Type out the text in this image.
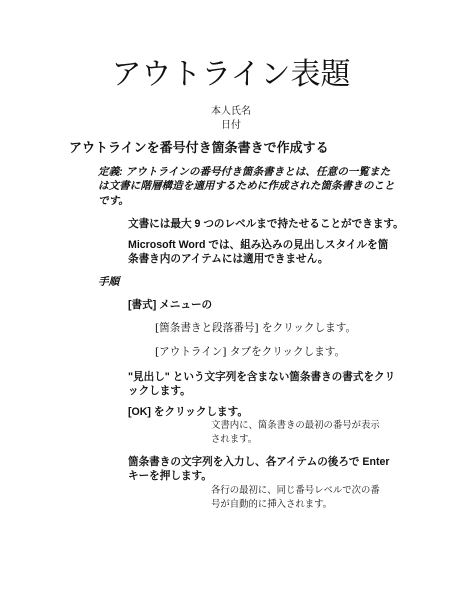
アウトライン表題
本人氏名
日付
アウトラインを番号付き箇条書きで作成する
定義: アウトラインの番号付き箇条書きとは、任意の一覧または文書に階層構造を適用するために作成された箇条書きのことです。
文書には最大 9 つのレベルまで持たせることができます。
Microsoft Word では、組み込みの見出しスタイルを箇条書き内のアイテムには適用できません。
手順
[書式] メニューの
[箇条書きと段落番号] をクリックします。
[アウトライン] タブをクリックします。
"見出し" という文字列を含まない箇条書きの書式をクリックします。
[OK] をクリックします。
文書内に、箇条書きの最初の番号が表示されます。
箇条書きの文字列を入力し、各アイテムの後ろで Enter キーを押します。
各行の最初に、同じ番号レベルで次の番号が自動的に挿入されます。
